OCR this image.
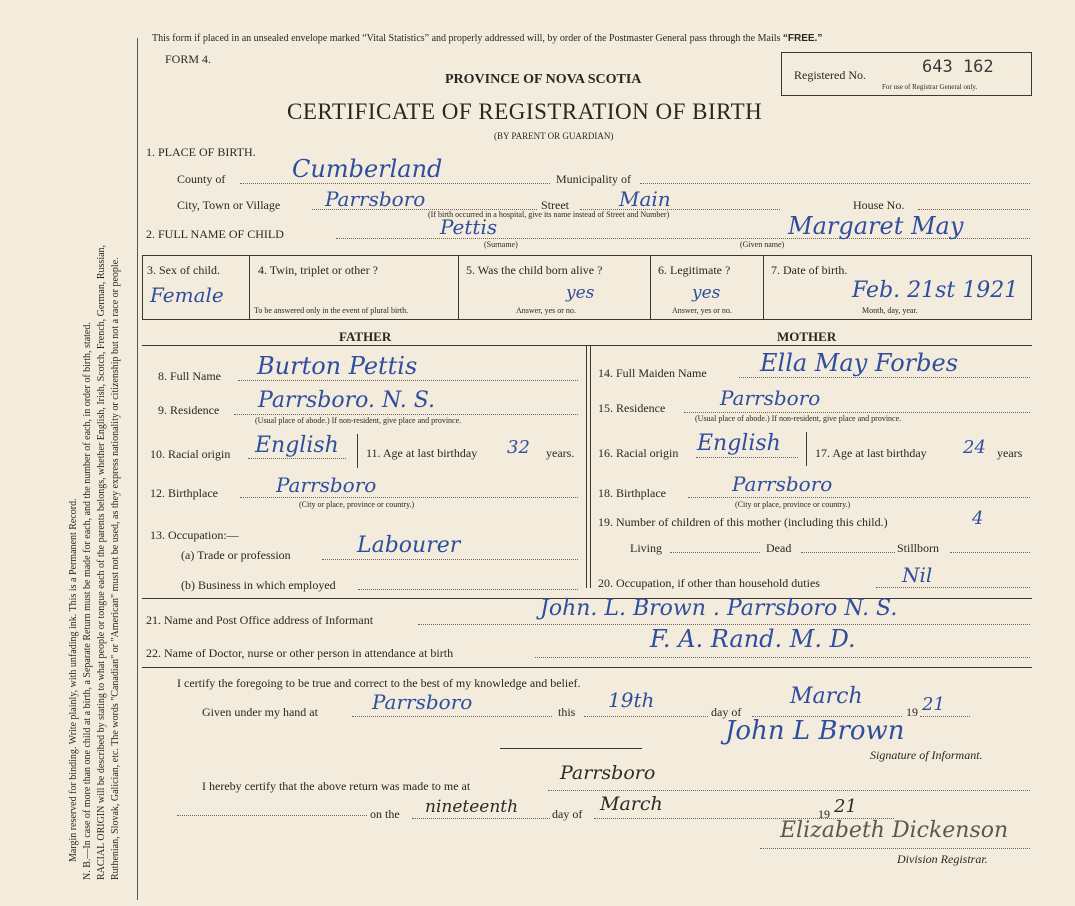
Margin reserved for binding. Write plainly, with unfading ink. This is a Permanent Record. N. B.—In case of more than one child at a birth, a Separate Return must be made for each, and the number of each, in order of birth, stated. RACIAL ORIGIN will be described by stating to what people or tongue each of the parents belongs, whether English, Irish, Scotch, French, German, Russian, Ruthenian, Slovak, Galician, etc. The words "Canadian" or "American" must not be used, as they express nationality or citizenship but not a race or people.
This form if placed in an unsealed envelope marked “Vital Statistics” and properly addressed will, by order of the Postmaster General pass through the Mails “FREE.”
FORM 4.
PROVINCE OF NOVA SCOTIA
CERTIFICATE OF REGISTRATION OF BIRTH
(BY PARENT OR GUARDIAN)
Registered No.	643 162
For use of Registrar General only.
1. PLACE OF BIRTH.
County of	Cumberland	Municipality of
City, Town or Village Parrsboro	Street	Main	House No.
(If birth occurred in a hospital, give its name instead of Street and Number)
2. FULL NAME OF CHILD	Pettis
(Surname)
Margaret May
(Given name)
3. Sex of child.
Female
4. Twin, triplet or other ?
To be answered only in the event of plural birth.
5. Was the child born alive ?
yes
Answer, yes or no.
6. Legitimate ?
yes
Answer, yes or no.
7. Date of birth.
Feb. 21st 1921
Month, day, year.
FATHER	MOTHER
8. Full Name Burton Pettis
9. Residence Parrsboro. N. S.
(Usual place of abode.) If non-resident, give place and province.
10. Racial origin English 11. Age at last birthday 32 years.
12. Birthplace	Parrsboro
(City or place, province or country.)
13. Occupation:—
(a) Trade or profession	Labourer
(b) Business in which employed
14. Full Maiden Name Ella May Forbes
15. Residence	Parrsboro
(Usual place of abode.) If non-resident, give place and province.
16. Racial origin English	17. Age at last birthday 24 years
18. Birthplace	Parrsboro
(City or place, province or country.)
19. Number of children of this mother (including this child.)	4
Living	Dead	Stillborn
20. Occupation, if other than household duties	Nil
21. Name and Post Office address of Informant	John. L. Brown . Parrsboro N. S.
22. Name of Doctor, nurse or other person in attendance at birth	F. A. Rand. M. D.
I certify the foregoing to be true and correct to the best of my knowledge and belief.
Given under my hand at	Parrsboro	this 19th	day of
March
19 21
John L Brown
Signature of Informant.
I hereby certify that the above return was made to me at
Parrsboro
on the nineteenth	day of March	19 21
Elizabeth Dickenson
Division Registrar.
